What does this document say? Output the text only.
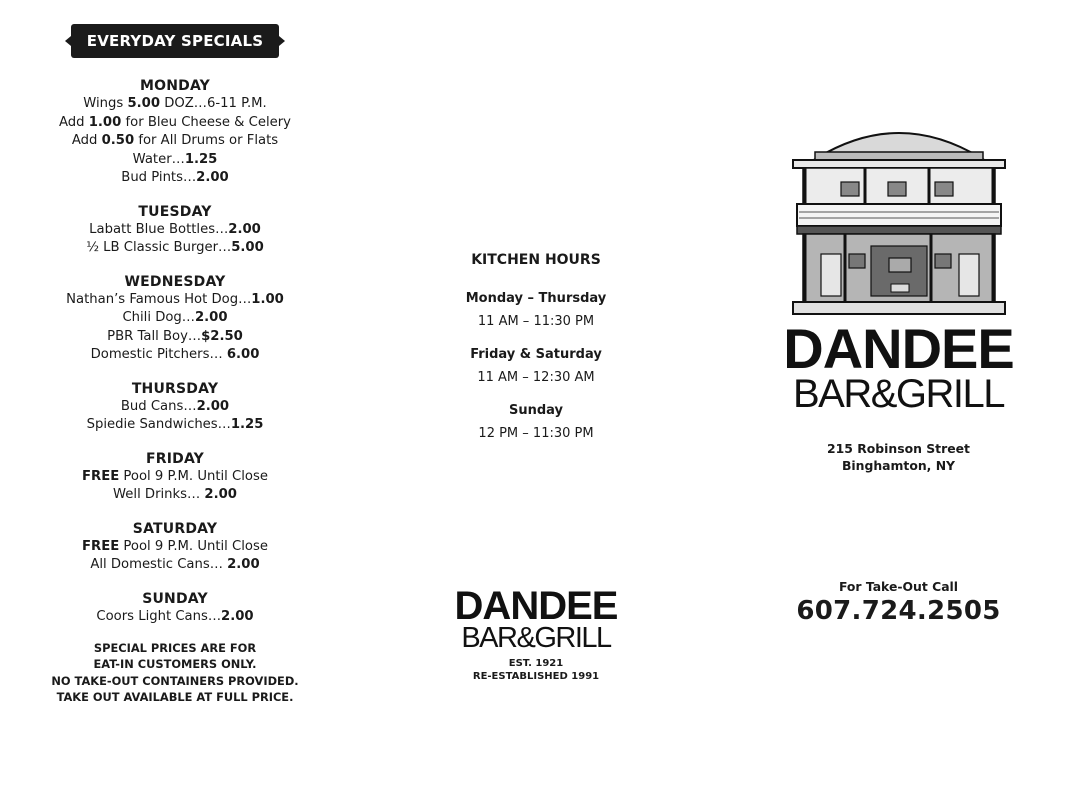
EVERYDAY SPECIALS
MONDAY
Wings 5.00 DOZ…6-11 P.M.
Add 1.00 for Bleu Cheese & Celery
Add 0.50 for All Drums or Flats
Water…1.25
Bud Pints…2.00
TUESDAY
Labatt Blue Bottles…2.00
½ LB Classic Burger…5.00
WEDNESDAY
Nathan’s Famous Hot Dog…1.00
Chili Dog…2.00
PBR Tall Boy…$2.50
Domestic Pitchers… 6.00
THURSDAY
Bud Cans…2.00
Spiedie Sandwiches…1.25
FRIDAY
FREE Pool 9 P.M. Until Close
Well Drinks… 2.00
SATURDAY
FREE Pool 9 P.M. Until Close
All Domestic Cans… 2.00
SUNDAY
Coors Light Cans…2.00
SPECIAL PRICES ARE FOR
EAT-IN CUSTOMERS ONLY.
NO TAKE-OUT CONTAINERS PROVIDED.
TAKE OUT AVAILABLE AT FULL PRICE.
KITCHEN HOURS
Monday – Thursday
11 AM – 11:30 PM
Friday & Saturday
11 AM – 12:30 AM
Sunday
12 PM – 11:30 PM
DANDEE
BAR&GRILL
EST. 1921
RE-ESTABLISHED 1991
DANDEE
BAR&GRILL
215 Robinson Street
Binghamton, NY
For Take-Out Call
607.724.2505
